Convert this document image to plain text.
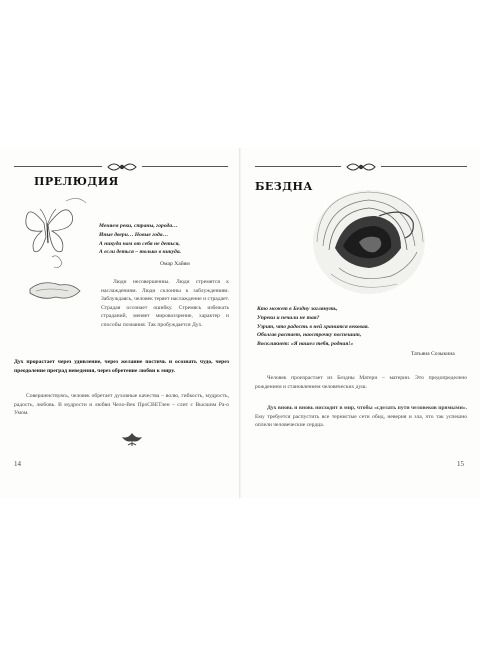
ПРЕЛЮДИЯ
Меняем реки, страны, города…
Иные двери… Новые года…
А никуда нам от себя не деться,
А если деться – только в никуда.
Омар Хайям
Люди несовершенны. Люди стремятся к наслаждениям. Люди склонны к заблуждениям. Заблуждаясь, человек теряет наслаждение и страдает. Страдая осознает ошибку. Стремясь избежать страданий, меняет мировоззрение, характер и способы познания. Так пробуждается Дух.
Дух прорастает через удивление, через желание постичь и осознать чудо, через преодоление преград неведения, через обретение любви к миру.
Совершенствуясь, человек обретает духовные качества – волю, гибкость, мудрость, радость, любовь. В мудрости и любви Чело-Век ПроСВЕТлен – слит с Высшим Ра-о Умом.
14
БЕЗДНА
Кто может в Бездну заглянуть,
Упреки и печали не тая?
Узрит, что радость в ней хранится вековая.
Оболгав растает, наострочку поспешит,
Воскликнет: «Я нашел тебя, родная!»
Татьяна Созыкина
Человек произрастает из Бездны Матери – материи. Это предопределено рождением и становлением человеческих душ.
Дух вновь и вновь нисходит в мир, чтобы «сделать пути человеков прямыми». Ему требуется распустить все тернистые сети обид, неверия и зла, что так успешно оплели человеческие сердца.
15
